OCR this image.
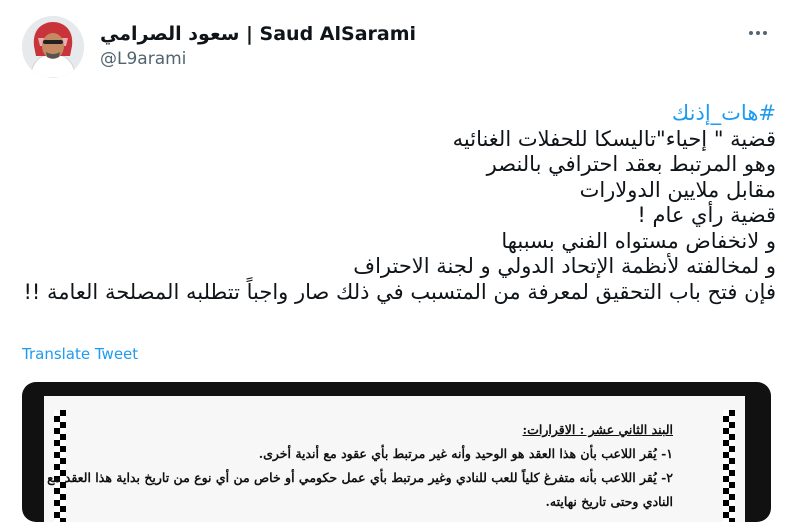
سعود الصرامي | Saud AlSarami
@L9arami
#هات_إذنك
قضية " إحياء"تاليسكا للحفلات الغنائيه
وهو المرتبط بعقد احترافي بالنصر
مقابل ملايين الدولارات
قضية رأي عام !
و لانخفاض مستواه الفني بسببها
و لمخالفته لأنظمة الإتحاد الدولي و لجنة الاحتراف
فإن فتح باب التحقيق لمعرفة من المتسبب في ذلك صار واجباً تتطلبه المصلحة العامة !!
Translate Tweet
البند الثاني عشر : الاقرارات:
١- يُقر اللاعب بأن هذا العقد هو الوحيد وأنه غير مرتبط بأي عقود مع أندية أخرى.
٢- يُقر اللاعب بأنه متفرغ كلياً للعب للنادي وغير مرتبط بأي عمل حكومي أو خاص من أي نوع من تاريخ بداية هذا العقد مع النادي وحتى تاريخ نهايته.
